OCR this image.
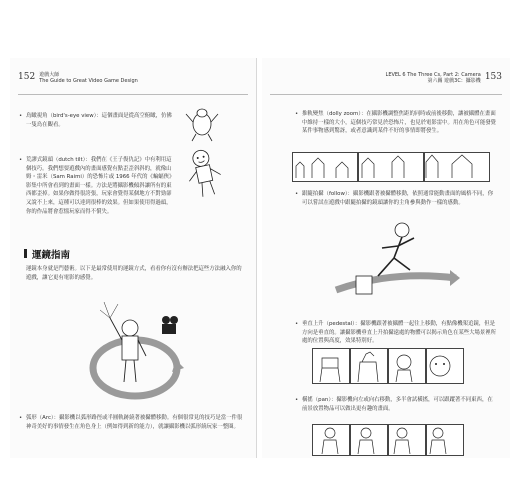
152 遊戲大師
The Guide to Great Video Game Design
• 鳥瞰視角（bird's-eye view）：這個畫面是從高空俯瞰，仿佛一隻鳥在觀看。
• 荒謬式鏡頭（dutch tilt）：我們在《王子復仇記》中有利用這個技巧。我們想要遊戲內的畫面感覺有點歪歪斜斜的，就像山姆・雷米（Sam Raimi）的恐怖片或 1966 年代的《蝙蝠俠》影集中所會看到的畫面一樣。方法是將攝影機傾斜讓所有的東西都歪掉。如果你做得很誇張，玩家會覺得某個地方不對勁卻又說不上來，這種可以達到很棒的效果。但如果使用得過頭，你的作品將會惹惱玩家而得不償失。
運鏡指南
運鏡本身就是門藝術。以下是最常使用的運鏡方式，看看你有沒有辦法把這些方法融入你的遊戲，讓它更有電影的感覺。
• 弧形（Arc）：攝影機以弧形路徑或半圓軌跡繞著被攝體移動。有個很常見的技巧是當一件很神奇美好的事情發生在角色身上（例如得到新的能力），就讓攝影機以弧形繞玩家一整圈。
LEVEL 6 The Three Cs, Part 2: Camera
第六關 遊戲3C：攝影機 153
• 推軌變焦（dolly zoom）：在攝影機調整焦距的同時或前後移動，讓被攝體在畫面中維持一樣的大小，這個技巧常見於恐怖片，也見於電影雷中。用在角色可能發覺某件事物感到驚訝，或者意識到某件不好的事情即將發生。
• 跟隨拍攝（follow）：攝影機跟著被攝體移動，依照通常能動畫面的風格不同，你可以嘗試在遊戲中跟隨拍攝的鏡頭讓你的主角參與動作一樣的感動。
• 垂直上升（pedestal）：攝影機跟著被攝體一起往上移動，有點像機架追鏡，但是方向是垂直的。讓攝影機垂直上升拍攝遠處的物體可以揭示角色在某些大場景裡所處的位置與高度，效果特別好。
• 橫搖（pan）：攝影機向左或向右移動，多半會試橫搖，可以跟蹤著不同東西，在前景放置物品可以做出更有趣的畫面。
